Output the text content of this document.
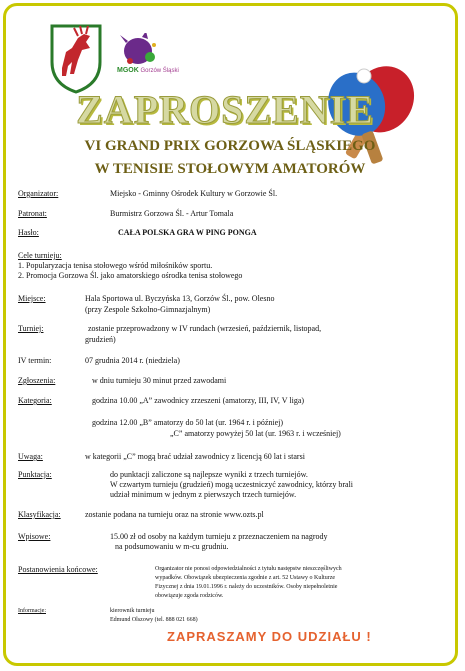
MGOK Gorzów Śląski
ZAPROSZENIE
VI GRAND PRIX GORZOWA ŚLĄSKIEGO
W TENISIE STOŁOWYM AMATORÓW
Organizator:	Miejsko - Gminny Ośrodek Kultury w Gorzowie Śl.
Patronat:	Burmistrz Gorzowa Śl. - Artur Tomala
Hasło:	CAŁA POLSKA GRA W PING PONGA
Cele turnieju:
1. Popularyzacja tenisa stołowego wśród miłośników sportu.
2. Promocja Gorzowa Śl. jako amatorskiego ośrodka tenisa stołowego
Miejsce:	Hala Sportowa ul. Byczyńska 13, Gorzów Śl., pow. Olesno
(przy Zespole Szkolno-Gimnazjalnym)
Turniej:	zostanie przeprowadzony w IV rundach (wrzesień, październik, listopad,
grudzień)
IV termin:	07 grudnia 2014 r. (niedziela)
Zgłoszenia:	w dniu turnieju 30 minut przed zawodami
Kategoria:	godzina 10.00 „A” zawodnicy zrzeszeni (amatorzy, III, IV, V liga)
godzina 12.00 „B” amatorzy do 50 lat (ur. 1964 r. i później)
„C” amatorzy powyżej 50 lat (ur. 1963 r. i wcześniej)
Uwaga:	w kategorii „C” mogą brać udział zawodnicy z licencją 60 lat i starsi
Punktacja:	do punktacji zaliczone są najlepsze wyniki z trzech turniejów.
W czwartym turnieju (grudzień) mogą uczestniczyć zawodnicy, którzy brali
udział minimum w jednym z pierwszych trzech turniejów.
Klasyfikacja:	zostanie podana na turnieju oraz na stronie www.ozts.pl
Wpisowe:	15.00 zł od osoby na każdym turnieju z przeznaczeniem na nagrody
na podsumowaniu w m-cu grudniu.
Postanowienia końcowe:	Organizator nie ponosi odpowiedzialności z tytułu następstw nieszczęśliwych
wypadków. Obowiązek ubezpieczenia zgodnie z art. 52 Ustawy o Kulturze
Fizycznej z dnia 19.01.1996 r. należy do uczestników. Osoby niepełnoletnie
obowiązuje zgoda rodziców.
Informacje:	kierownik turnieju
Edmund Olszowy (tel. 888 021 668)
ZAPRASZAMY DO UDZIAŁU !
